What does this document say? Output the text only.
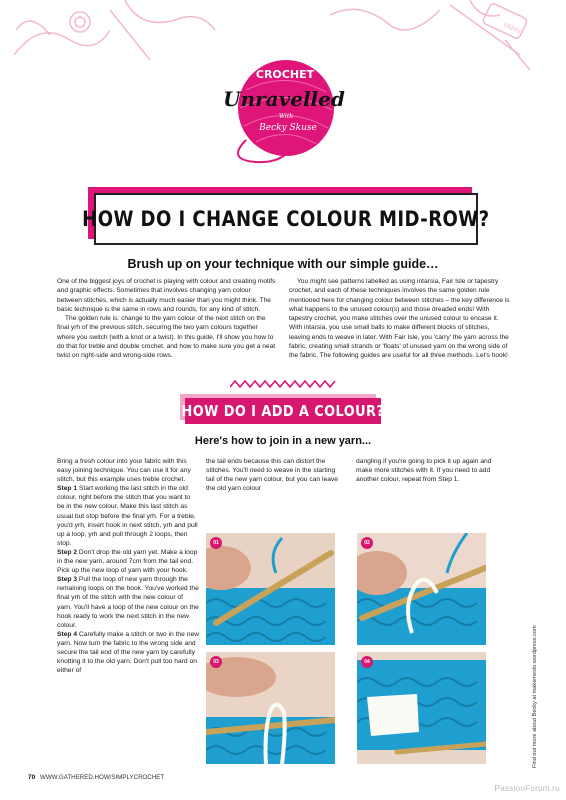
YARN
CROCHET
Unravelled
With
Becky Skuse
HOW DO I CHANGE COLOUR MID-ROW?
Brush up on your technique with our simple guide…

One of the biggest joys of crochet is playing with colour and creating motifs and graphic effects. Sometimes that involves changing yarn colour between stitches, which is actually much easier than you might think. The basic technique is the same in rows and rounds, for any kind of stitch.

The golden rule is: change to the yarn colour of the next stitch on the final yrh of the previous stitch, securing the two yarn colours together where you switch (with a knot or a twist). In this guide, I'll show you how to do that for treble and double crochet, and how to make sure you get a neat twist on right-side and wrong-side rows.

You might see patterns labelled as using intarsia, Fair Isle or tapestry crochet, and each of these techniques involves the same golden rule mentioned here for changing colour between stitches – the key difference is what happens to the unused colour(s) and those dreaded ends! With tapestry crochet, you make stitches over the unused colour to encase it. With intarsia, you use small balls to make different blocks of stitches, leaving ends to weave in later. With Fair Isle, you 'carry' the yarn across the fabric, creating small strands or 'floats' of unused yarn on the wrong side of the fabric. The following guides are useful for all three methods. Let's hook!

HOW DO I ADD A COLOUR?
Here's how to join in a new yarn...
Bring a fresh colour into your fabric with this easy joining technique. You can use it for any stitch, but this example uses treble crochet.
Step 1 Start working the last stitch in the old colour, right before the stitch that you want to be in the new colour. Make this last stitch as usual but stop before the final yrh. For a treble, you'd yrh, insert hook in next stitch, yrh and pull up a loop, yrh and pull through 2 loops, then stop.
Step 2 Don't drop the old yarn yet. Make a loop in the new yarn, around 7cm from the tail end. Pick up the new loop of yarn with your hook.
Step 3 Pull the loop of new yarn through the remaining loops on the hook. You've worked the final yrh of the stitch with the new colour of yarn. You'll have a loop of the new colour on the hook ready to work the next stitch in the new colour.
Step 4 Carefully make a stitch or two in the new yarn. Now turn the fabric to the wrong side and secure the tail end of the new yarn by carefully knotting it to the old yarn. Don't pull too hard on either of
the tail ends because this can distort the stitches. You'll need to weave in the starting tail of the new yarn colour, but you can leave the old yarn colour
dangling if you're going to pick it up again and make more stitches with it. If you need to add another colour, repeat from Step 1.
01	02
03	04	Find out more about Becky at makemeslo.wordpress.com
70 WWW.GATHERED.HOW/SIMPLYCROCHET
PassionForum.ru
